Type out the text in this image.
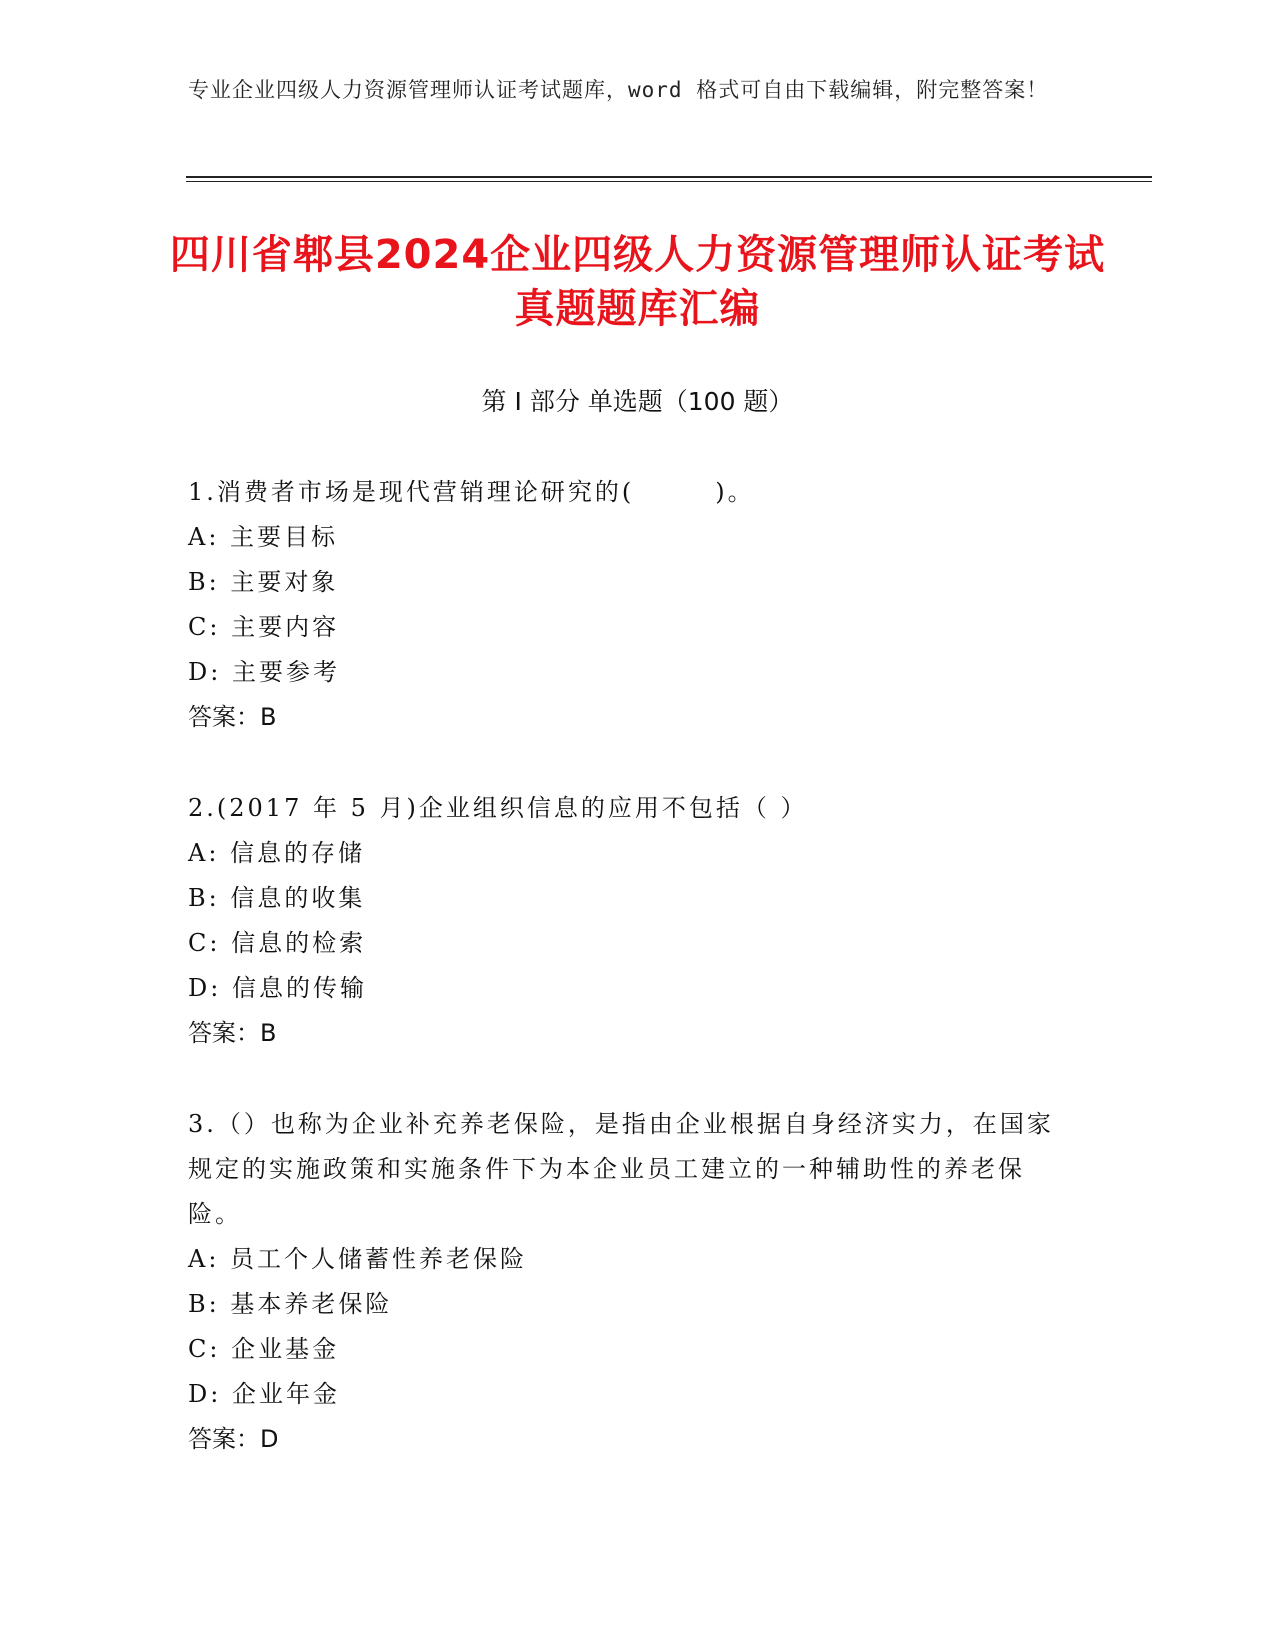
专业企业四级人力资源管理师认证考试题库，word 格式可自由下载编辑，附完整答案！
四川省郫县2024企业四级人力资源管理师认证考试真题题库汇编
第 I 部分 单选题（100 题）
1.消费者市场是现代营销理论研究的(　　　)。
A: 主要目标
B: 主要对象
C: 主要内容
D: 主要参考
答案：B
2.(2017 年 5 月)企业组织信息的应用不包括（ ）
A: 信息的存储
B: 信息的收集
C: 信息的检索
D: 信息的传输
答案：B
3.（）也称为企业补充养老保险，是指由企业根据自身经济实力，在国家规定的实施政策和实施条件下为本企业员工建立的一种辅助性的养老保险。
A: 员工个人储蓄性养老保险
B: 基本养老保险
C: 企业基金
D: 企业年金
答案：D
